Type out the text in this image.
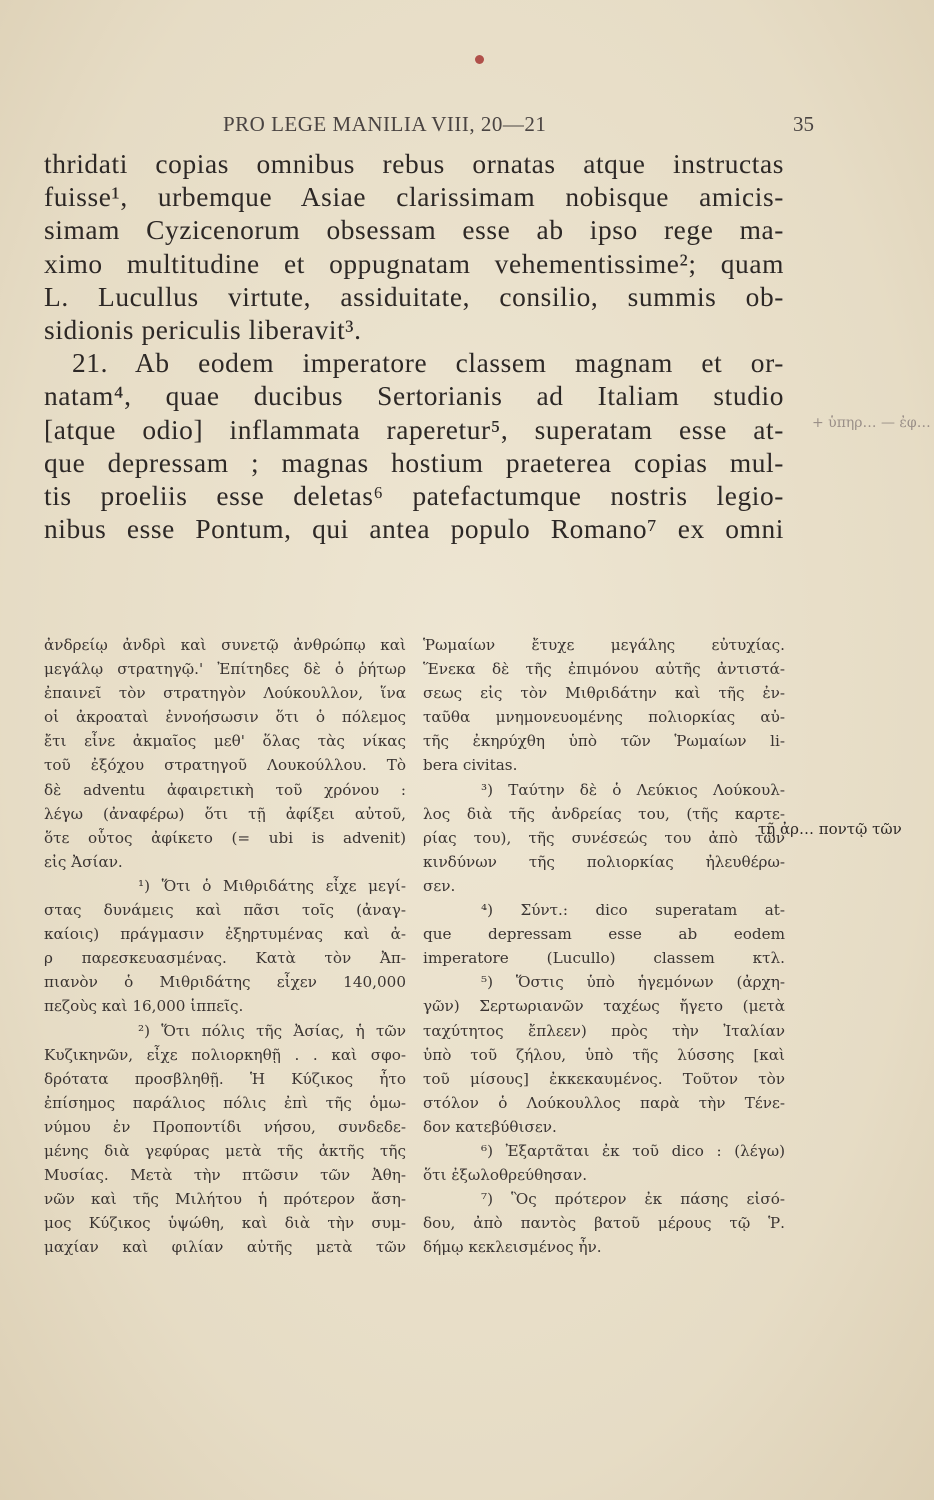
PRO LEGE MANILIA VIII, 20—21	35
thridati copias omnibus rebus ornatas atque instructas
fuisse¹, urbemque Asiae clarissimam nobisque amicis-
simam Cyzicenorum obsessam esse ab ipso rege ma-
ximo multitudine et oppugnatam vehementissime²; quam
L. Lucullus virtute, assiduitate, consilio, summis ob-
sidionis periculis liberavit³.
21. Ab eodem imperatore classem magnam et or-
natam⁴, quae ducibus Sertorianis ad Italiam studio
[atque odio] inflammata raperetur⁵, superatam esse at-
que depressam ; magnas hostium praeterea copias mul-
tis proeliis esse deletas⁶ patefactumque nostris legio-
nibus esse Pontum, qui antea populo Romano⁷ ex omni
+ ὑπηρ… — ἐφ…
ἀνδρείῳ ἀνδρὶ καὶ συνετῷ ἀνθρώπῳ καὶ
μεγάλῳ στρατηγῷ.' Ἐπίτηδες δὲ ὁ ῥήτωρ
ἐπαινεῖ τὸν στρατηγὸν Λούκουλλον, ἵνα
οἱ ἀκροαταὶ ἐννοήσωσιν ὅτι ὁ πόλεμος
ἔτι εἶνε ἀκμαῖος μεθ' ὅλας τὰς νίκας
τοῦ ἐξόχου στρατηγοῦ Λουκούλλου. Τὸ
δὲ adventu ἀφαιρετικὴ τοῦ χρόνου :
λέγω (ἀναφέρω) ὅτι τῇ ἀφίξει αὐτοῦ,
ὅτε οὗτος ἀφίκετο (= ubi is advenit)
εἰς Ἀσίαν.
¹) Ὅτι ὁ Μιθριδάτης εἶχε μεγί-
στας δυνάμεις καὶ πᾶσι τοῖς (ἀναγ-
καίοις) πράγμασιν ἐξηρτυμένας καὶ ἀ-
ρ παρεσκευασμένας. Κατὰ τὸν Ἀπ-
πιανὸν ὁ Μιθριδάτης εἶχεν 140,000
πεζοὺς καὶ 16,000 ἱππεῖς.
²) Ὅτι πόλις τῆς Ἀσίας, ἡ τῶν
Κυζικηνῶν, εἶχε πολιορκηθῇ . . καὶ σφο-
δρότατα προσβληθῇ. Ἡ Κύζικος ἦτο
ἐπίσημος παράλιος πόλις ἐπὶ τῆς ὁμω-
νύμου ἐν Προποντίδι νήσου, συνδεδε-
μένης διὰ γεφύρας μετὰ τῆς ἀκτῆς τῆς
Μυσίας. Μετὰ τὴν πτῶσιν τῶν Ἀθη-
νῶν καὶ τῆς Μιλήτου ἡ πρότερον ἄση-
μος Κύζικος ὑψώθη, καὶ διὰ τὴν συμ-
μαχίαν καὶ φιλίαν αὐτῆς μετὰ τῶν
Ῥωμαίων ἔτυχε μεγάλης εὐτυχίας.
Ἕνεκα δὲ τῆς ἐπιμόνου αὐτῆς ἀντιστά-
σεως εἰς τὸν Μιθριδάτην καὶ τῆς ἐν-
ταῦθα μνημονευομένης πολιορκίας αὐ-
τῆς ἐκηρύχθη ὑπὸ τῶν Ῥωμαίων li-
bera civitas.
³) Ταύτην δὲ ὁ Λεύκιος Λούκουλ-
λος διὰ τῆς ἀνδρείας του, (τῆς καρτε-
ρίας του), τῆς συνέσεώς του ἀπὸ τῶν
κινδύνων τῆς πολιορκίας ἠλευθέρω-
σεν.
⁴) Σύντ.: dico superatam at-
que depressam esse ab eodem
imperatore (Lucullo) classem κτλ.
⁵) Ὅστις ὑπὸ ἡγεμόνων (ἀρχη-
γῶν) Σερτωριανῶν ταχέως ἤγετο (μετὰ
ταχύτητος ἔπλεεν) πρὸς τὴν Ἰταλίαν
ὑπὸ τοῦ ζήλου, ὑπὸ τῆς λύσσης [καὶ
τοῦ μίσους] ἐκκεκαυμένος. Τοῦτον τὸν
στόλον ὁ Λούκουλλος παρὰ τὴν Τένε-
δον κατεβύθισεν.
⁶) Ἐξαρτᾶται ἐκ τοῦ dico : (λέγω)
ὅτι ἐξωλοθρεύθησαν.
⁷) Ὃς πρότερον ἐκ πάσης εἰσό-
δου, ἀπὸ παντὸς βατοῦ μέρους τῷ Ῥ.
δήμῳ κεκλεισμένος ἦν.
τῇ ἀρ… ποντῷ τῶν
